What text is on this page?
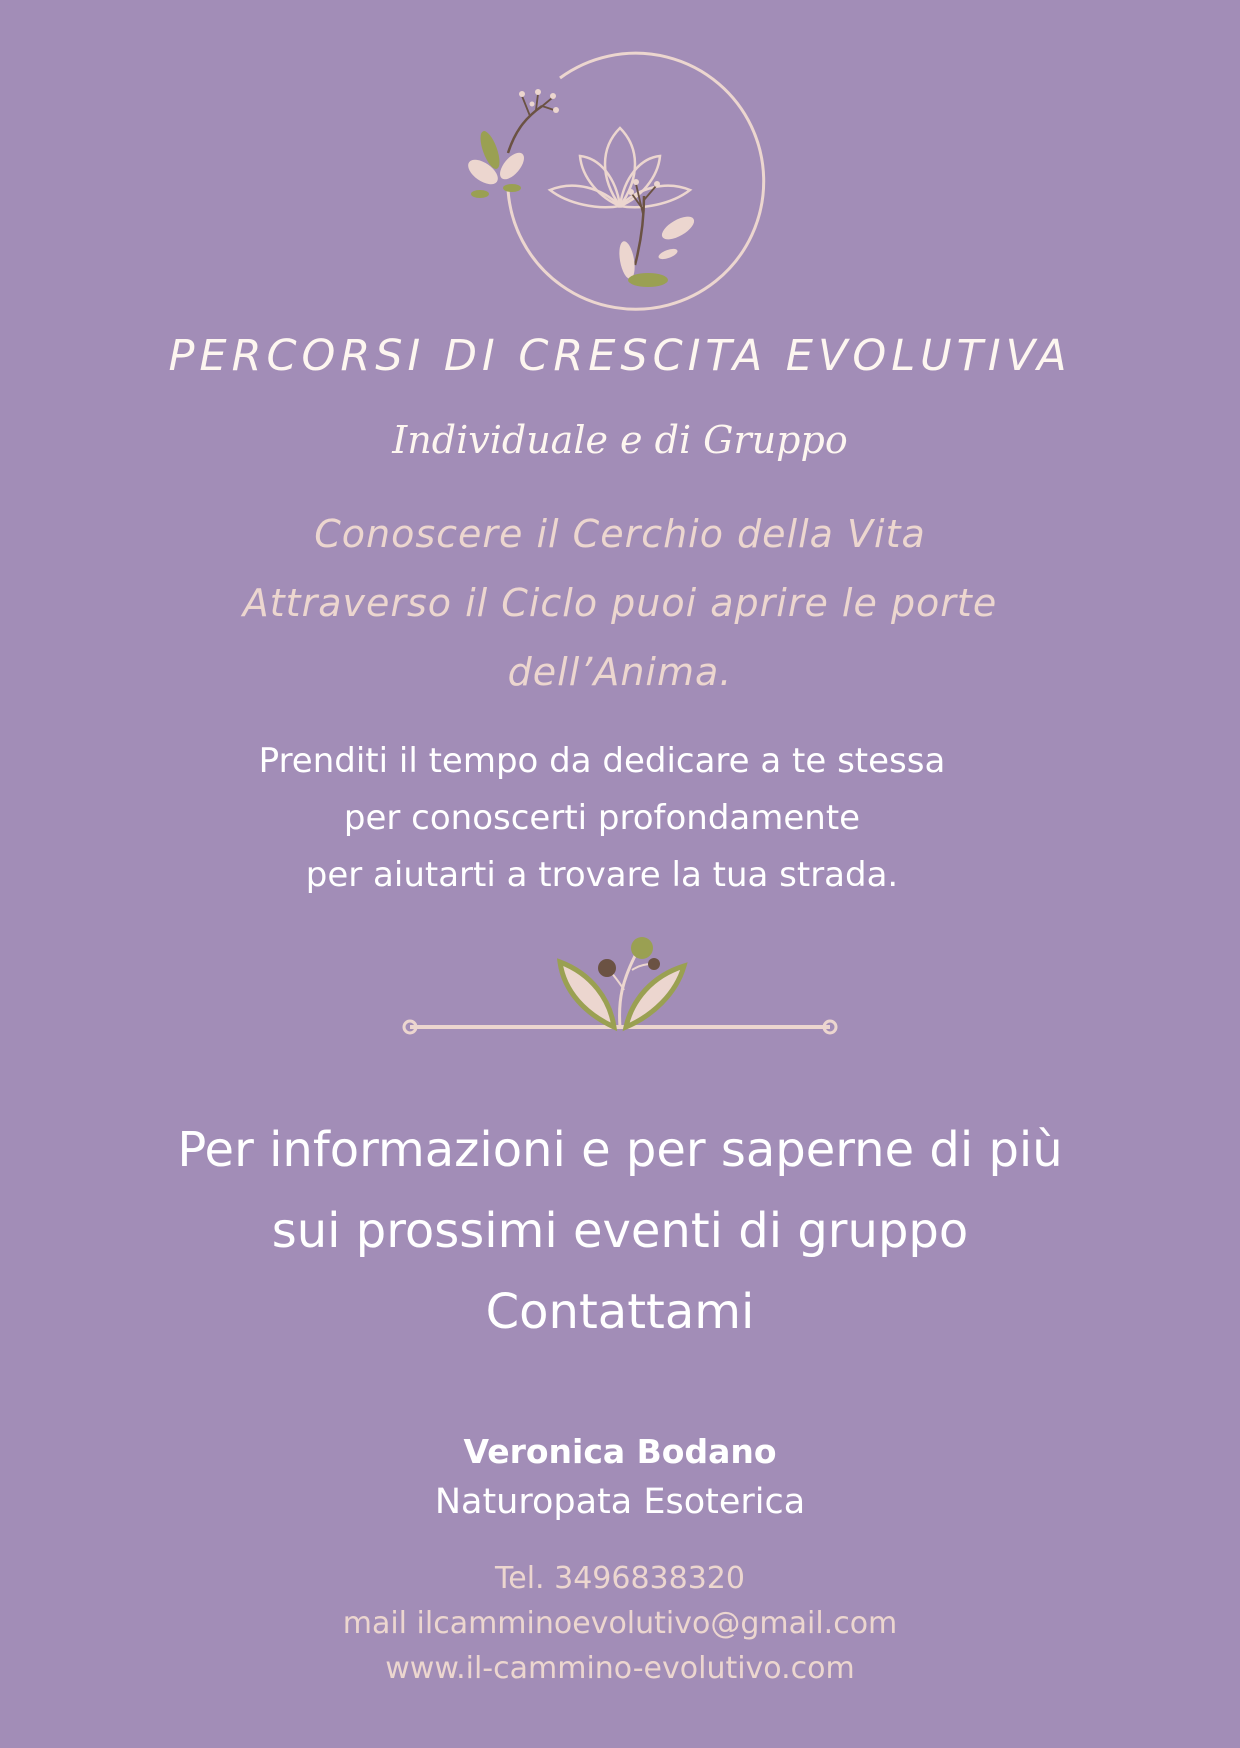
PERCORSI DI CRESCITA EVOLUTIVA
Individuale e di Gruppo
Conoscere il Cerchio della Vita
Attraverso il Ciclo puoi aprire le porte
dell’Anima.
Prenditi il tempo da dedicare a te stessa
per conoscerti profondamente
per aiutarti a trovare la tua strada.
Per informazioni e per saperne di più
sui prossimi eventi di gruppo
Contattami
Veronica Bodano
Naturopata Esoterica
Tel. 3496838320
mail ilcamminoevolutivo@gmail.com
www.il-cammino-evolutivo.com
